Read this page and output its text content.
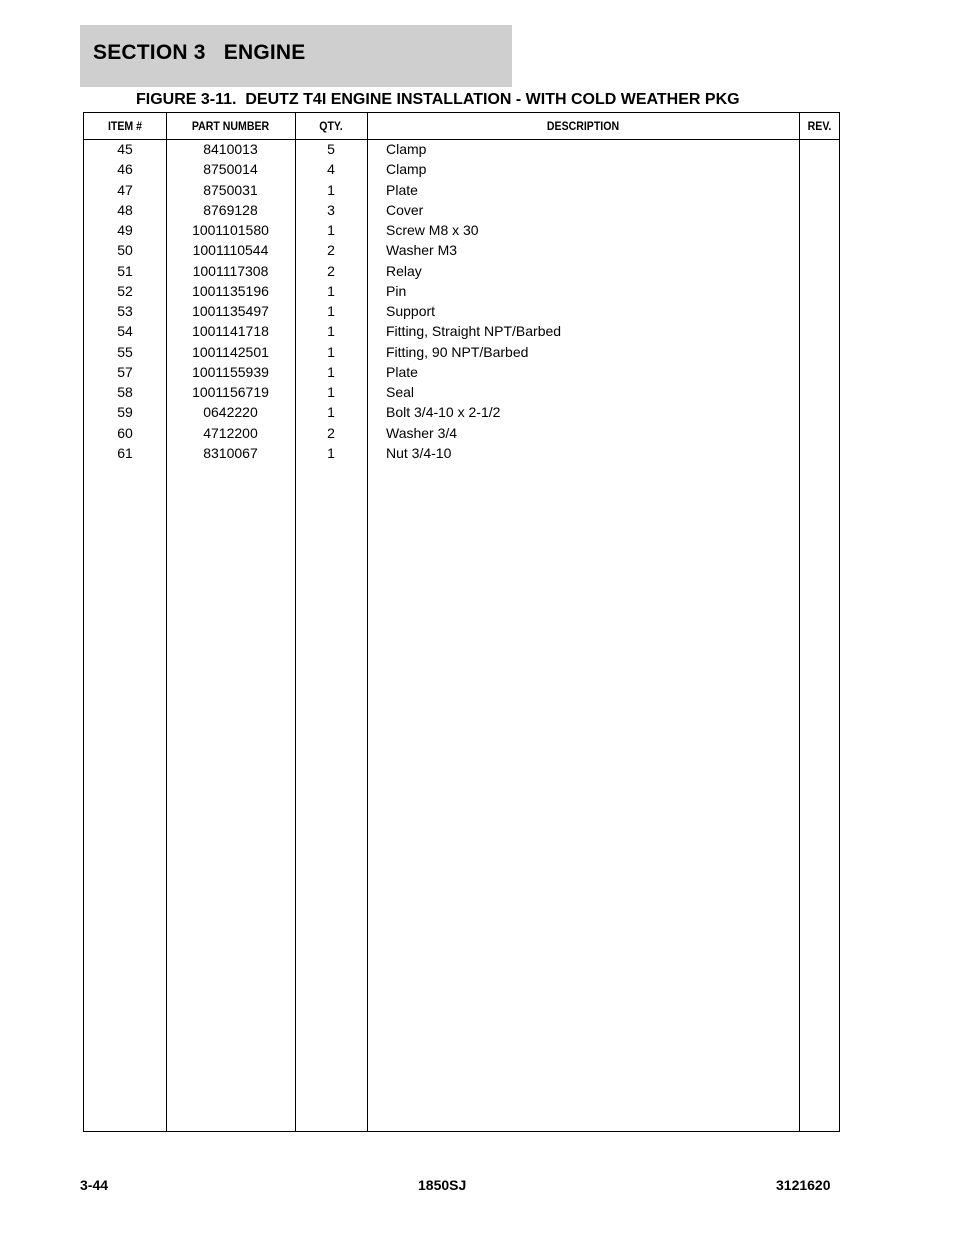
SECTION 3   ENGINE
FIGURE 3-11.  DEUTZ T4I ENGINE INSTALLATION - WITH COLD WEATHER PKG
ITEM #	PART NUMBER	QTY.	DESCRIPTION	REV.
45	8410013	5	Clamp
46	8750014	4	Clamp
47	8750031	1	Plate
48	8769128	3	Cover
49	1001101580	1	Screw M8 x 30
50	1001110544	2	Washer M3
51	1001117308	2	Relay
52	1001135196	1	Pin
53	1001135497	1	Support
54	1001141718	1	Fitting, Straight NPT/Barbed
55	1001142501	1	Fitting, 90 NPT/Barbed
57	1001155939	1	Plate
58	1001156719	1	Seal
59	0642220	1	Bolt 3/4-10 x 2-1/2
60	4712200	2	Washer 3/4
61	8310067	1	Nut 3/4-10
3-44	1850SJ	3121620
